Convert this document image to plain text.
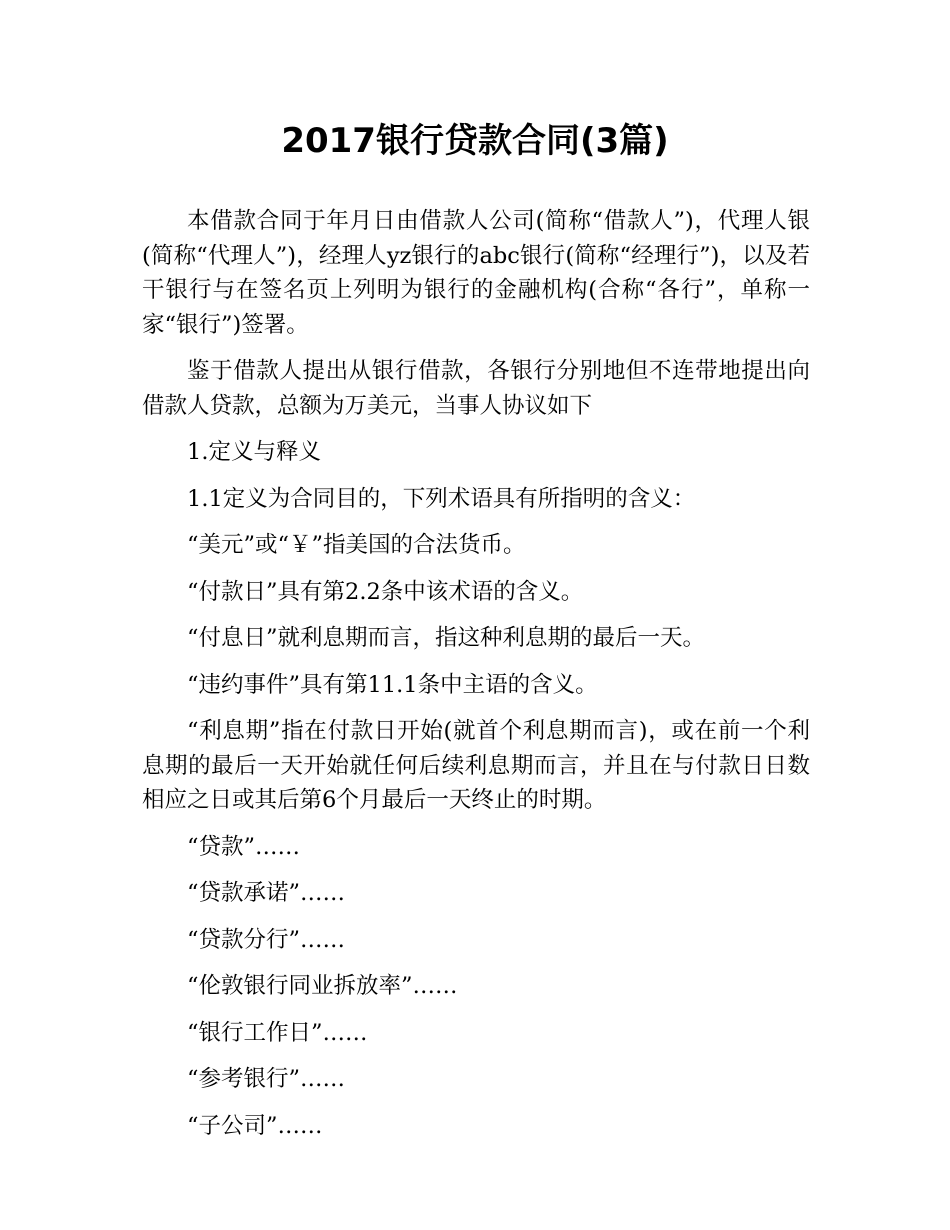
2017银行贷款合同(3篇)

本借款合同于年月日由借款人公司(简称“借款人”)，代理人银(简称“代理人”)，经理人yz银行的abc银行(简称“经理行”)，以及若干银行与在签名页上列明为银行的金融机构(合称“各行”，单称一家“银行”)签署。

鉴于借款人提出从银行借款，各银行分别地但不连带地提出向借款人贷款，总额为万美元，当事人协议如下

1.定义与释义

1.1定义为合同目的，下列术语具有所指明的含义：

“美元”或“￥”指美国的合法货币。

“付款日”具有第2.2条中该术语的含义。

“付息日”就利息期而言，指这种利息期的最后一天。

“违约事件”具有第11.1条中主语的含义。

“利息期”指在付款日开始(就首个利息期而言)，或在前一个利息期的最后一天开始就任何后续利息期而言，并且在与付款日日数相应之日或其后第6个月最后一天终止的时期。

“贷款”……

“贷款承诺”……

“贷款分行”……

“伦敦银行同业拆放率”……

“银行工作日”……

“参考银行”……

“子公司”……
